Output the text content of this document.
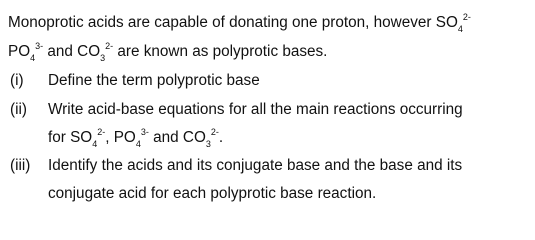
Monoprotic acids are capable of donating one proton, however $SO_4^{2-}$
$PO_4^{3-}$ and $CO_3^{2-}$ are known as polyprotic bases.
(i) Define the term polyprotic base
(ii) Write acid-base equations for all the main reactions occurring
for $SO_4^{2-}$, $PO_4^{3-}$ and $CO_3^{2-}$.
(iii) Identify the acids and its conjugate base and the base and its
conjugate acid for each polyprotic base reaction.
